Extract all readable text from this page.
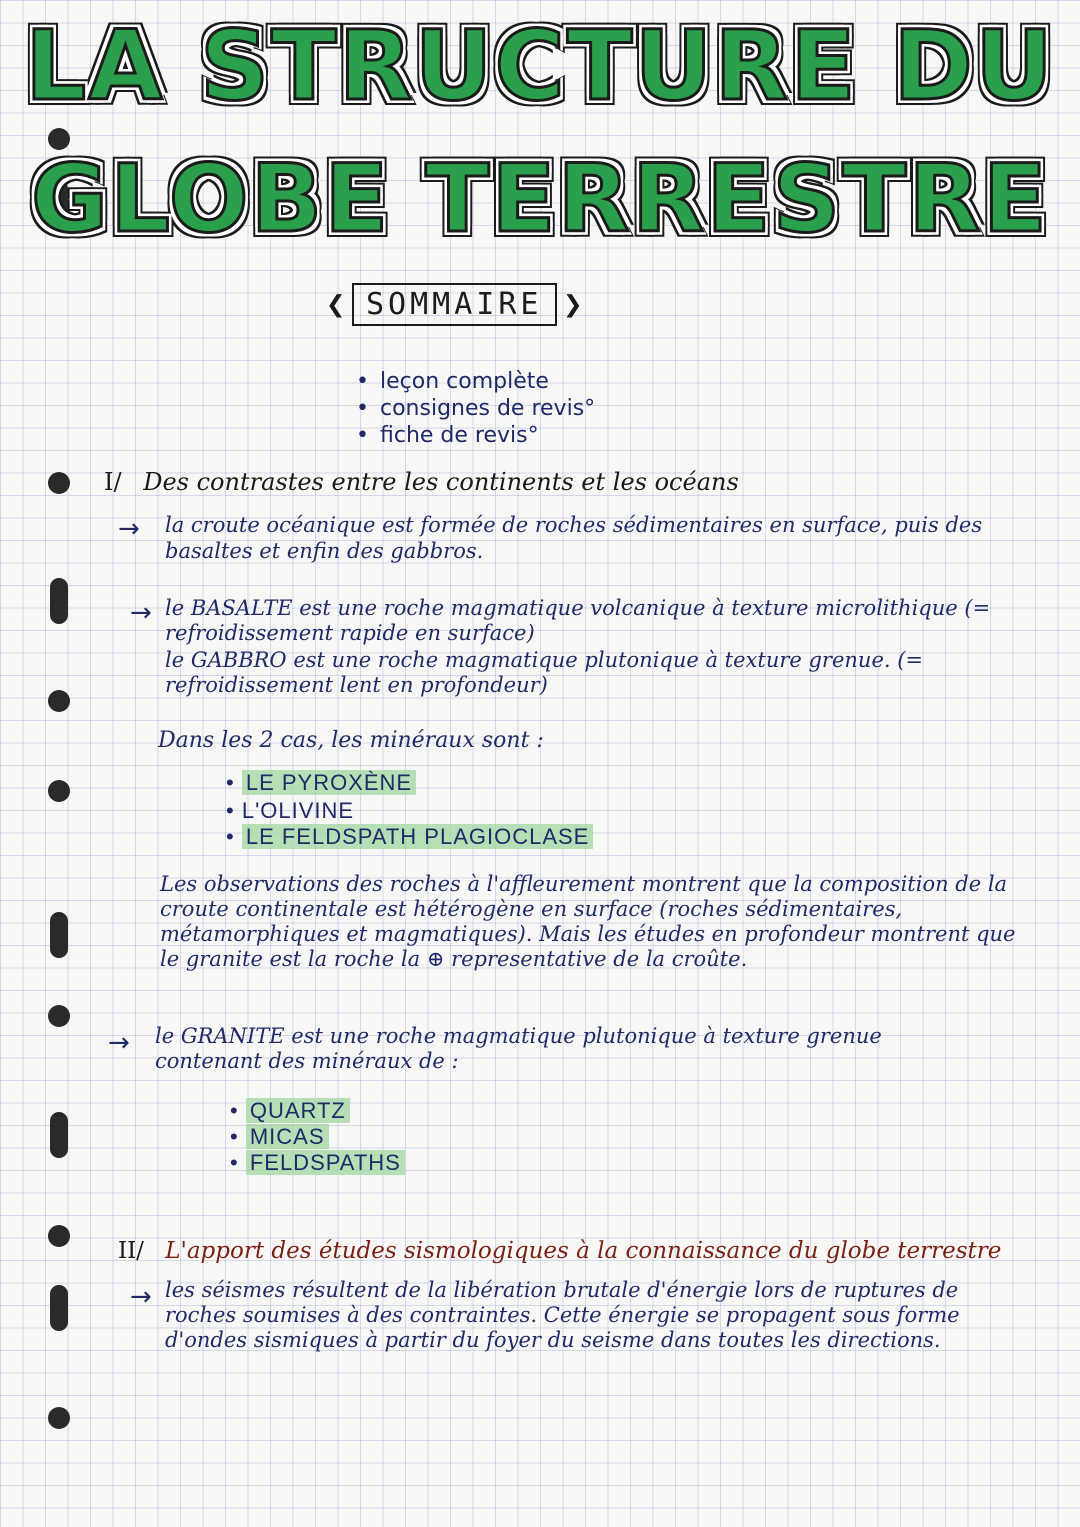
LA STRUCTURE DU
GLOBE TERRESTRE
❯ SOMMAIRE ❯
• leçon complète
• consignes de revis°
• fiche de revis°
I/ Des contrastes entre les continents et les océans
→ la croute océanique est formée de roches sédimentaires en surface, puis des basaltes et enfin des gabbros.
→ le BASALTE est une roche magmatique volcanique à texture microlithique (= refroidissement rapide en surface)
le GABBRO est une roche magmatique plutonique à texture grenue. (= refroidissement lent en profondeur)
Dans les 2 cas, les minéraux sont :
• LE PYROXÈNE
• L'OLIVINE
• LE FELDSPATH PLAGIOCLASE
Les observations des roches à l'affleurement montrent que la composition de la croute continentale est hétérogène en surface (roches sédimentaires, métamorphiques et magmatiques). Mais les études en profondeur montrent que le granite est la roche la ⊕ representative de la croûte.
→ le GRANITE est une roche magmatique plutonique à texture grenue contenant des minéraux de :
• QUARTZ
• MICAS
• FELDSPATHS
II/ L'apport des études sismologiques à la connaissance du globe terrestre
→ les séismes résultent de la libération brutale d'énergie lors de ruptures de roches soumises à des contraintes. Cette énergie se propagent sous forme d'ondes sismiques à partir du foyer du seisme dans toutes les directions.
